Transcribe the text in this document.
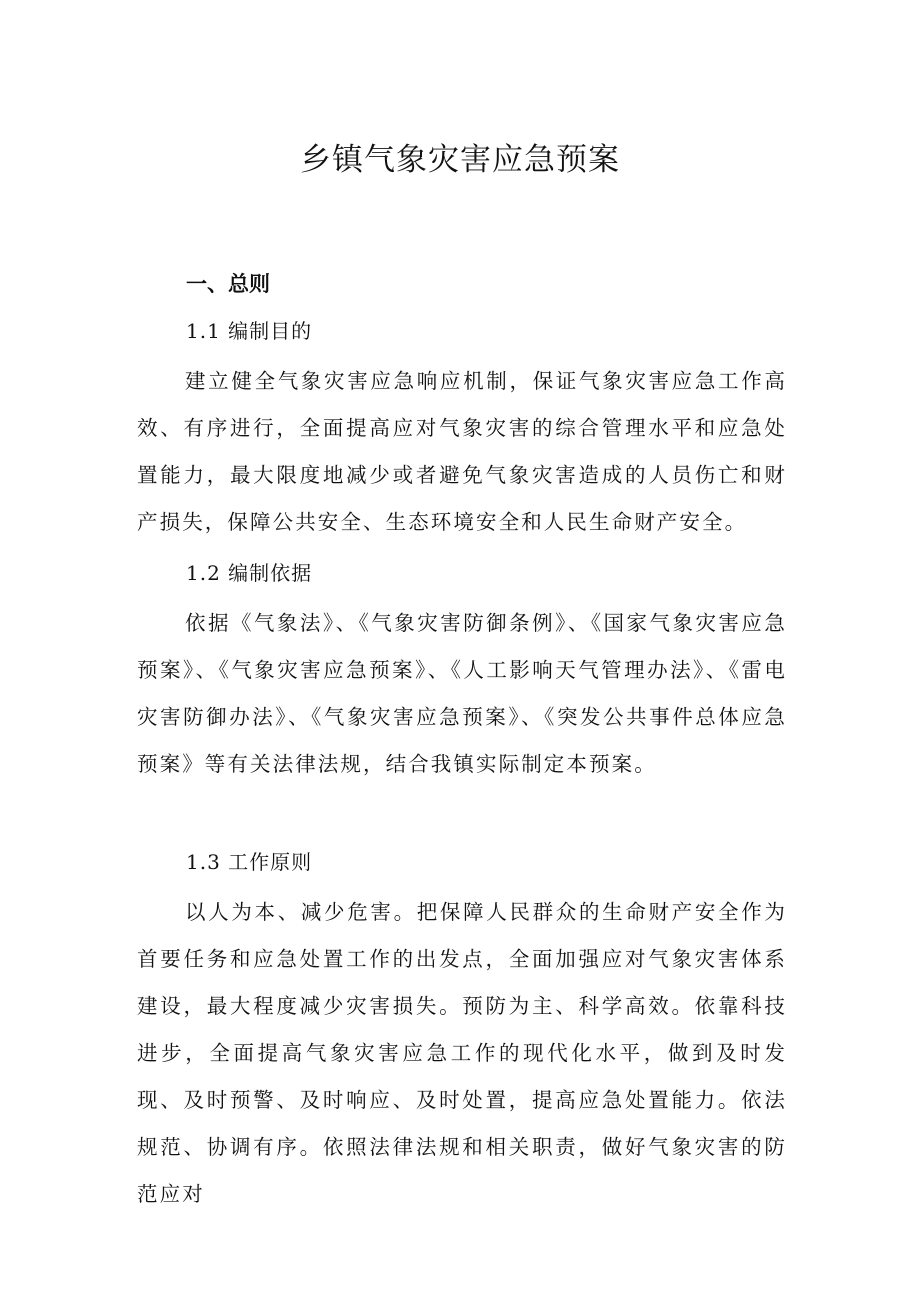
乡镇气象灾害应急预案
一、总则
1.1 编制目的

建立健全气象灾害应急响应机制，保证气象灾害应急工作高效、有序进行，全面提高应对气象灾害的综合管理水平和应急处置能力，最大限度地减少或者避免气象灾害造成的人员伤亡和财产损失，保障公共安全、生态环境安全和人民生命财产安全。

1.2 编制依据

依据《气象法》、《气象灾害防御条例》、《国家气象灾害应急预案》、《气象灾害应急预案》、《人工影响天气管理办法》、《雷电灾害防御办法》、《气象灾害应急预案》、《突发公共事件总体应急预案》等有关法律法规，结合我镇实际制定本预案。

1.3 工作原则

以人为本、减少危害。把保障人民群众的生命财产安全作为首要任务和应急处置工作的出发点，全面加强应对气象灾害体系建设，最大程度减少灾害损失。预防为主、科学高效。依靠科技进步，全面提高气象灾害应急工作的现代化水平，做到及时发现、及时预警、及时响应、及时处置，提高应急处置能力。依法规范、协调有序。依照法律法规和相关职责，做好气象灾害的防范应对
